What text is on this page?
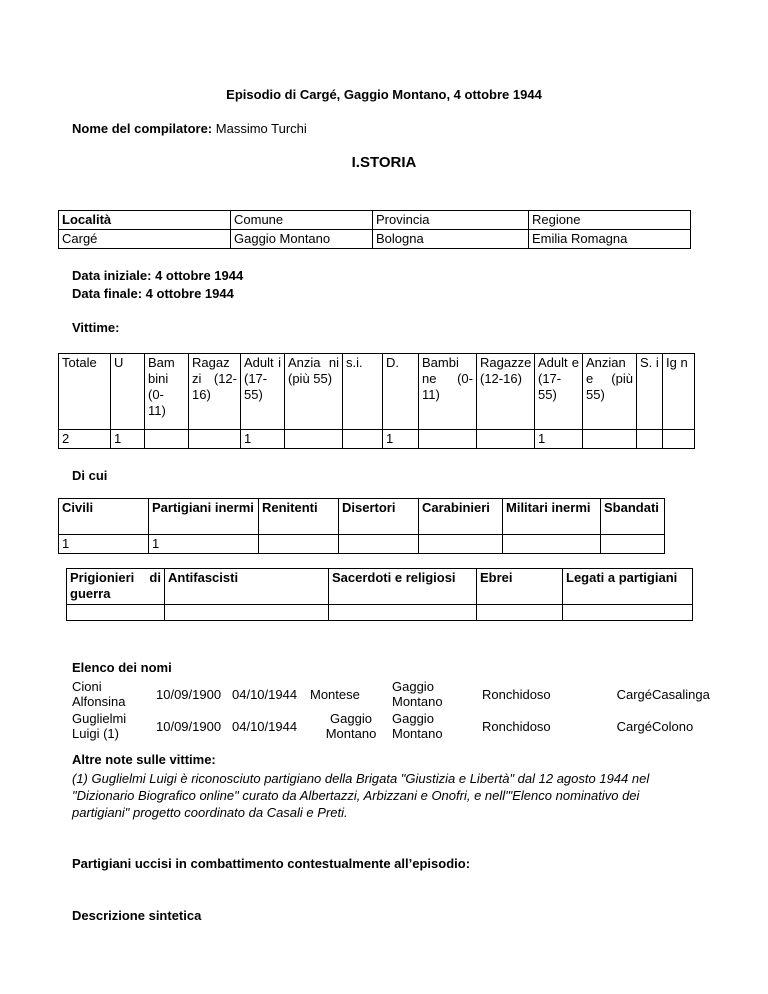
Episodio di Cargé, Gaggio Montano, 4 ottobre 1944
Nome del compilatore: Massimo Turchi
I.STORIA
Località	Comune	Provincia	Regione
Cargé	Gaggio Montano	Bologna	Emilia Romagna
Data iniziale: 4 ottobre 1944
Data finale: 4 ottobre 1944
Vittime:
Totale	U	Bam bini (0- 11)	Ragaz zi (12- 16)	Adult i (17- 55)	Anzia ni (più 55)	s.i.	D.	Bambi ne (0- 11)	Ragazze (12-16)	Adult e (17- 55)	Anzian e (più 55)	S. i	Ig n
2	1			1			1			1			
Di cui
Civili	Partigiani inermi	Renitenti	Disertori	Carabinieri	Militari inermi	Sbandati
1	1					
Prigionieri di guerra	Antifascisti	Sacerdoti e religiosi	Ebrei	Legati a partigiani

Elenco dei nomi
Cioni Alfonsina	10/09/1900	04/10/1944	Montese	Gaggio Montano	Ronchidoso	Cargé	Casalinga
Guglielmi Luigi (1)	10/09/1900	04/10/1944	Gaggio Montano	Gaggio Montano	Ronchidoso	Cargé	Colono
Altre note sulle vittime:
(1) Guglielmi Luigi è riconosciuto partigiano della Brigata "Giustizia e Libertà" dal 12 agosto 1944 nel "Dizionario Biografico online" curato da Albertazzi, Arbizzani e Onofri, e nell'"Elenco nominativo dei partigiani" progetto coordinato da Casali e Preti.
Partigiani uccisi in combattimento contestualmente all’episodio:
Descrizione sintetica
